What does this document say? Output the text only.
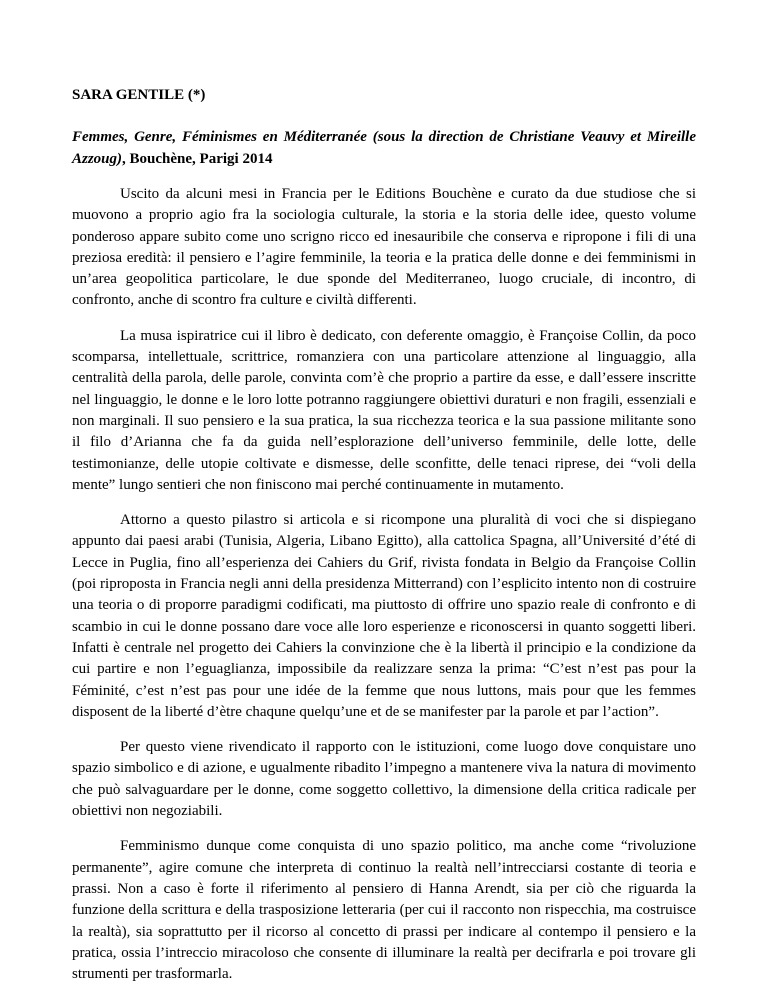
SARA GENTILE (*)
Femmes, Genre, Féminismes en Méditerranée (sous la direction de Christiane Veauvy et Mireille Azzoug), Bouchène, Parigi 2014

Uscito da alcuni mesi in Francia per le Editions Bouchène e curato da due studiose che si muovono a proprio agio fra la sociologia culturale, la storia e la storia delle idee, questo volume ponderoso appare subito come uno scrigno ricco ed inesauribile che conserva e ripropone i fili di una preziosa eredità: il pensiero e l’agire femminile, la teoria e la pratica delle donne e dei femminismi in un’area geopolitica particolare, le due sponde del Mediterraneo, luogo cruciale, di incontro, di confronto, anche di scontro fra culture e civiltà differenti.

La musa ispiratrice cui il libro è dedicato, con deferente omaggio, è Françoise Collin, da poco scomparsa, intellettuale, scrittrice, romanziera con una particolare attenzione al linguaggio, alla centralità della parola, delle parole, convinta com’è che proprio a partire da esse, e dall’essere inscritte nel linguaggio, le donne e le loro lotte potranno raggiungere obiettivi duraturi e non fragili, essenziali e non marginali. Il suo pensiero e la sua pratica, la sua ricchezza teorica e la sua passione militante sono il filo d’Arianna che fa da guida nell’esplorazione dell’universo femminile, delle lotte, delle testimonianze, delle utopie coltivate e dismesse, delle sconfitte, delle tenaci riprese, dei “voli della mente” lungo sentieri che non finiscono mai perché continuamente in mutamento.

Attorno a questo pilastro si articola e si ricompone una pluralità di voci che si dispiegano appunto dai paesi arabi (Tunisia, Algeria, Libano Egitto), alla cattolica Spagna, all’Université d’été di Lecce in Puglia, fino all’esperienza dei Cahiers du Grif, rivista fondata in Belgio da Françoise Collin (poi riproposta in Francia negli anni della presidenza Mitterrand) con l’esplicito intento non di costruire una teoria o di proporre paradigmi codificati, ma piuttosto di offrire uno spazio reale di confronto e di scambio in cui le donne possano dare voce alle loro esperienze e riconoscersi in quanto soggetti liberi. Infatti è centrale nel progetto dei Cahiers la convinzione che è la libertà il principio e la condizione da cui partire e non l’eguaglianza, impossibile da realizzare senza la prima: “C’est n’est pas pour la Féminité, c’est n’est pas pour une idée de la femme que nous luttons, mais pour que les femmes disposent de la liberté d’ètre chaqune quelqu’une et de se manifester par la parole et par l’action”.

Per questo viene rivendicato il rapporto con le istituzioni, come luogo dove conquistare uno spazio simbolico e di azione, e ugualmente ribadito l’impegno a mantenere viva la natura di movimento che può salvaguardare per le donne, come soggetto collettivo, la dimensione della critica radicale per obiettivi non negoziabili.

Femminismo dunque come conquista di uno spazio politico, ma anche come “rivoluzione permanente”, agire comune che interpreta di continuo la realtà nell’intrecciarsi costante di teoria e prassi. Non a caso è forte il riferimento al pensiero di Hanna Arendt, sia per ciò che riguarda la funzione della scrittura e della trasposizione letteraria (per cui il racconto non rispecchia, ma costruisce la realtà), sia soprattutto per il ricorso al concetto di prassi per indicare al contempo il pensiero e la pratica, ossia l’intreccio miracoloso che consente di illuminare la realtà per decifrarla e poi trovare gli strumenti per trasformarla.
